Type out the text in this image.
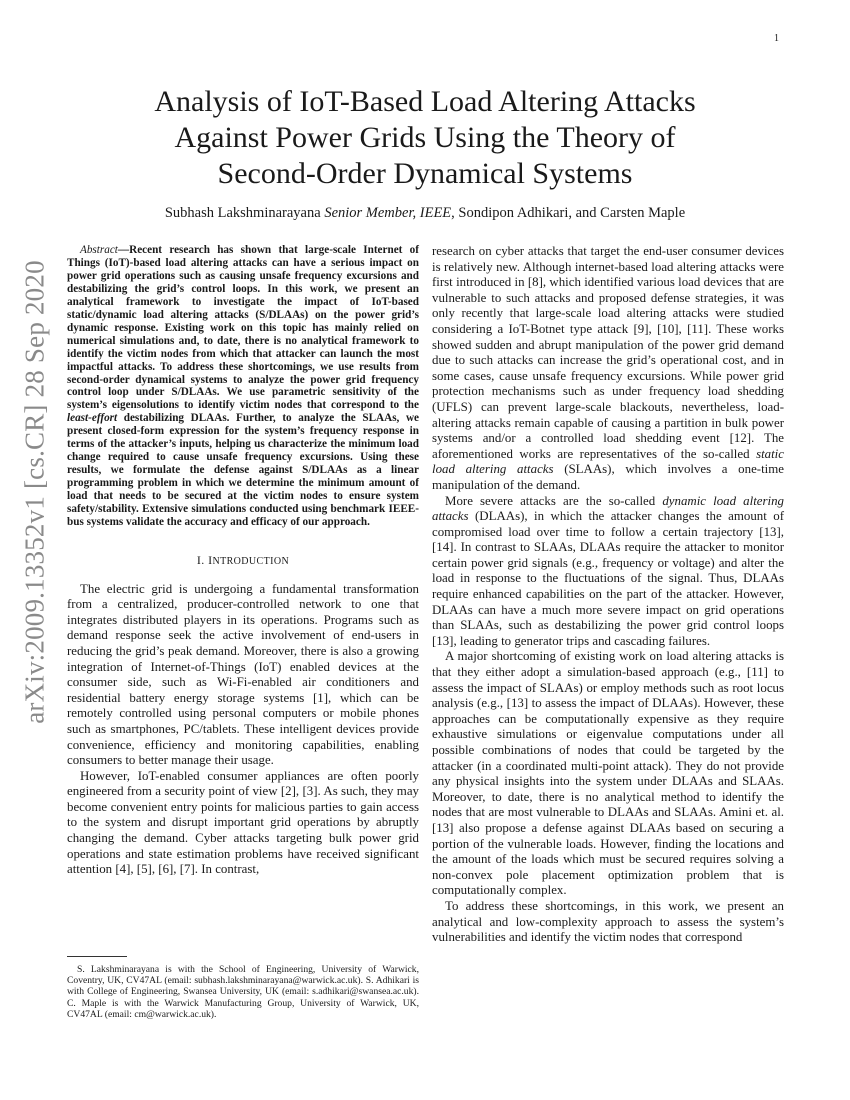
1
arXiv:2009.13352v1 [cs.CR] 28 Sep 2020
Analysis of IoT-Based Load Altering Attacks
Against Power Grids Using the Theory of
Second-Order Dynamical Systems
Subhash Lakshminarayana Senior Member, IEEE, Sondipon Adhikari, and Carsten Maple

Abstract—Recent research has shown that large-scale Internet of Things (IoT)-based load altering attacks can have a serious impact on power grid operations such as causing unsafe frequency excursions and destabilizing the grid’s control loops. In this work, we present an analytical framework to investigate the impact of IoT-based static/dynamic load altering attacks (S/DLAAs) on the power grid’s dynamic response. Existing work on this topic has mainly relied on numerical simulations and, to date, there is no analytical framework to identify the victim nodes from which that attacker can launch the most impactful attacks. To address these shortcomings, we use results from second-order dynamical systems to analyze the power grid frequency control loop under S/DLAAs. We use parametric sensitivity of the system’s eigensolutions to identify victim nodes that correspond to the least-effort destabilizing DLAAs. Further, to analyze the SLAAs, we present closed-form expression for the system’s frequency response in terms of the attacker’s inputs, helping us characterize the minimum load change required to cause unsafe frequency excursions. Using these results, we formulate the defense against S/DLAAs as a linear programming problem in which we determine the minimum amount of load that needs to be secured at the victim nodes to ensure system safety/stability. Extensive simulations conducted using benchmark IEEE-bus systems validate the accuracy and efficacy of our approach.

I. INTRODUCTION

The electric grid is undergoing a fundamental transformation from a centralized, producer-controlled network to one that integrates distributed players in its operations. Programs such as demand response seek the active involvement of end-users in reducing the grid’s peak demand. Moreover, there is also a growing integration of Internet-of-Things (IoT) enabled devices at the consumer side, such as Wi-Fi-enabled air conditioners and residential battery energy storage systems [1], which can be remotely controlled using personal computers or mobile phones such as smartphones, PC/tablets. These intelligent devices provide convenience, efficiency and monitoring capabilities, enabling consumers to better manage their usage.

However, IoT-enabled consumer appliances are often poorly engineered from a security point of view [2], [3]. As such, they may become convenient entry points for malicious parties to gain access to the system and disrupt important grid operations by abruptly changing the demand. Cyber attacks targeting bulk power grid operations and state estimation problems have received significant attention [4], [5], [6], [7]. In contrast,

S. Lakshminarayana is with the School of Engineering, University of Warwick, Coventry, UK, CV47AL (email: subhash.lakshminarayana@warwick.ac.uk). S. Adhikari is with College of Engineering, Swansea University, UK (email: s.adhikari@swansea.ac.uk). C. Maple is with the Warwick Manufacturing Group, University of Warwick, UK, CV47AL (email: cm@warwick.ac.uk).

research on cyber attacks that target the end-user consumer devices is relatively new. Although internet-based load altering attacks were first introduced in [8], which identified various load devices that are vulnerable to such attacks and proposed defense strategies, it was only recently that large-scale load altering attacks were studied considering a IoT-Botnet type attack [9], [10], [11]. These works showed sudden and abrupt manipulation of the power grid demand due to such attacks can increase the grid’s operational cost, and in some cases, cause unsafe frequency excursions. While power grid protection mechanisms such as under frequency load shedding (UFLS) can prevent large-scale blackouts, nevertheless, load-altering attacks remain capable of causing a partition in bulk power systems and/or a controlled load shedding event [12]. The aforementioned works are representatives of the so-called static load altering attacks (SLAAs), which involves a one-time manipulation of the demand.

More severe attacks are the so-called dynamic load altering attacks (DLAAs), in which the attacker changes the amount of compromised load over time to follow a certain trajectory [13], [14]. In contrast to SLAAs, DLAAs require the attacker to monitor certain power grid signals (e.g., frequency or voltage) and alter the load in response to the fluctuations of the signal. Thus, DLAAs require enhanced capabilities on the part of the attacker. However, DLAAs can have a much more severe impact on grid operations than SLAAs, such as destabilizing the power grid control loops [13], leading to generator trips and cascading failures.

A major shortcoming of existing work on load altering attacks is that they either adopt a simulation-based approach (e.g., [11] to assess the impact of SLAAs) or employ methods such as root locus analysis (e.g., [13] to assess the impact of DLAAs). However, these approaches can be computationally expensive as they require exhaustive simulations or eigenvalue computations under all possible combinations of nodes that could be targeted by the attacker (in a coordinated multi-point attack). They do not provide any physical insights into the system under DLAAs and SLAAs. Moreover, to date, there is no analytical method to identify the nodes that are most vulnerable to DLAAs and SLAAs. Amini et. al. [13] also propose a defense against DLAAs based on securing a portion of the vulnerable loads. However, finding the locations and the amount of the loads which must be secured requires solving a non-convex pole placement optimization problem that is computationally complex.

To address these shortcomings, in this work, we present an analytical and low-complexity approach to assess the system’s vulnerabilities and identify the victim nodes that correspond
